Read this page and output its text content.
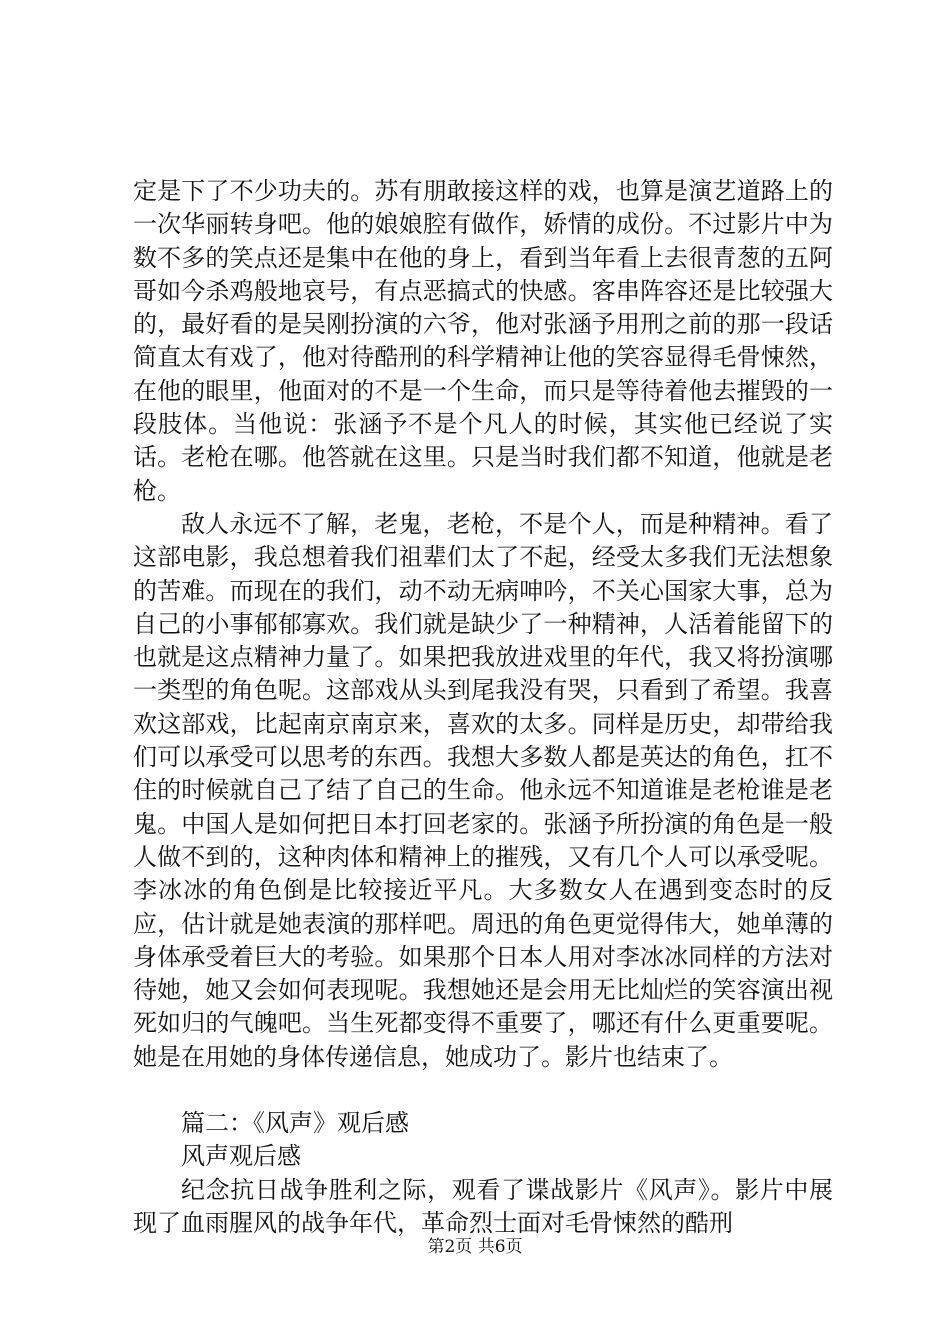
定是下了不少功夫的。苏有朋敢接这样的戏，也算是演艺道路上的一次华丽转身吧。他的娘娘腔有做作，娇情的成份。不过影片中为数不多的笑点还是集中在他的身上，看到当年看上去很青葱的五阿哥如今杀鸡般地哀号，有点恶搞式的快感。客串阵容还是比较强大的，最好看的是吴刚扮演的六爷，他对张涵予用刑之前的那一段话简直太有戏了，他对待酷刑的科学精神让他的笑容显得毛骨悚然，在他的眼里，他面对的不是一个生命，而只是等待着他去摧毁的一段肢体。当他说：张涵予不是个凡人的时候，其实他已经说了实话。老枪在哪。他答就在这里。只是当时我们都不知道，他就是老枪。

敌人永远不了解，老鬼，老枪，不是个人，而是种精神。看了这部电影，我总想着我们祖辈们太了不起，经受太多我们无法想象的苦难。而现在的我们，动不动无病呻吟，不关心国家大事，总为自己的小事郁郁寡欢。我们就是缺少了一种精神，人活着能留下的也就是这点精神力量了。如果把我放进戏里的年代，我又将扮演哪一类型的角色呢。这部戏从头到尾我没有哭，只看到了希望。我喜欢这部戏，比起南京南京来，喜欢的太多。同样是历史，却带给我们可以承受可以思考的东西。我想大多数人都是英达的角色，扛不住的时候就自己了结了自己的生命。他永远不知道谁是老枪谁是老鬼。中国人是如何把日本打回老家的。张涵予所扮演的角色是一般人做不到的，这种肉体和精神上的摧残，又有几个人可以承受呢。李冰冰的角色倒是比较接近平凡。大多数女人在遇到变态时的反应，估计就是她表演的那样吧。周迅的角色更觉得伟大，她单薄的身体承受着巨大的考验。如果那个日本人用对李冰冰同样的方法对待她，她又会如何表现呢。我想她还是会用无比灿烂的笑容演出视死如归的气魄吧。当生死都变得不重要了，哪还有什么更重要呢。她是在用她的身体传递信息，她成功了。影片也结束了。

篇二：《风声》观后感

风声观后感

纪念抗日战争胜利之际，观看了谍战影片《风声》。影片中展现了血雨腥风的战争年代，革命烈士面对毛骨悚然的酷刑

第2页 共6页
